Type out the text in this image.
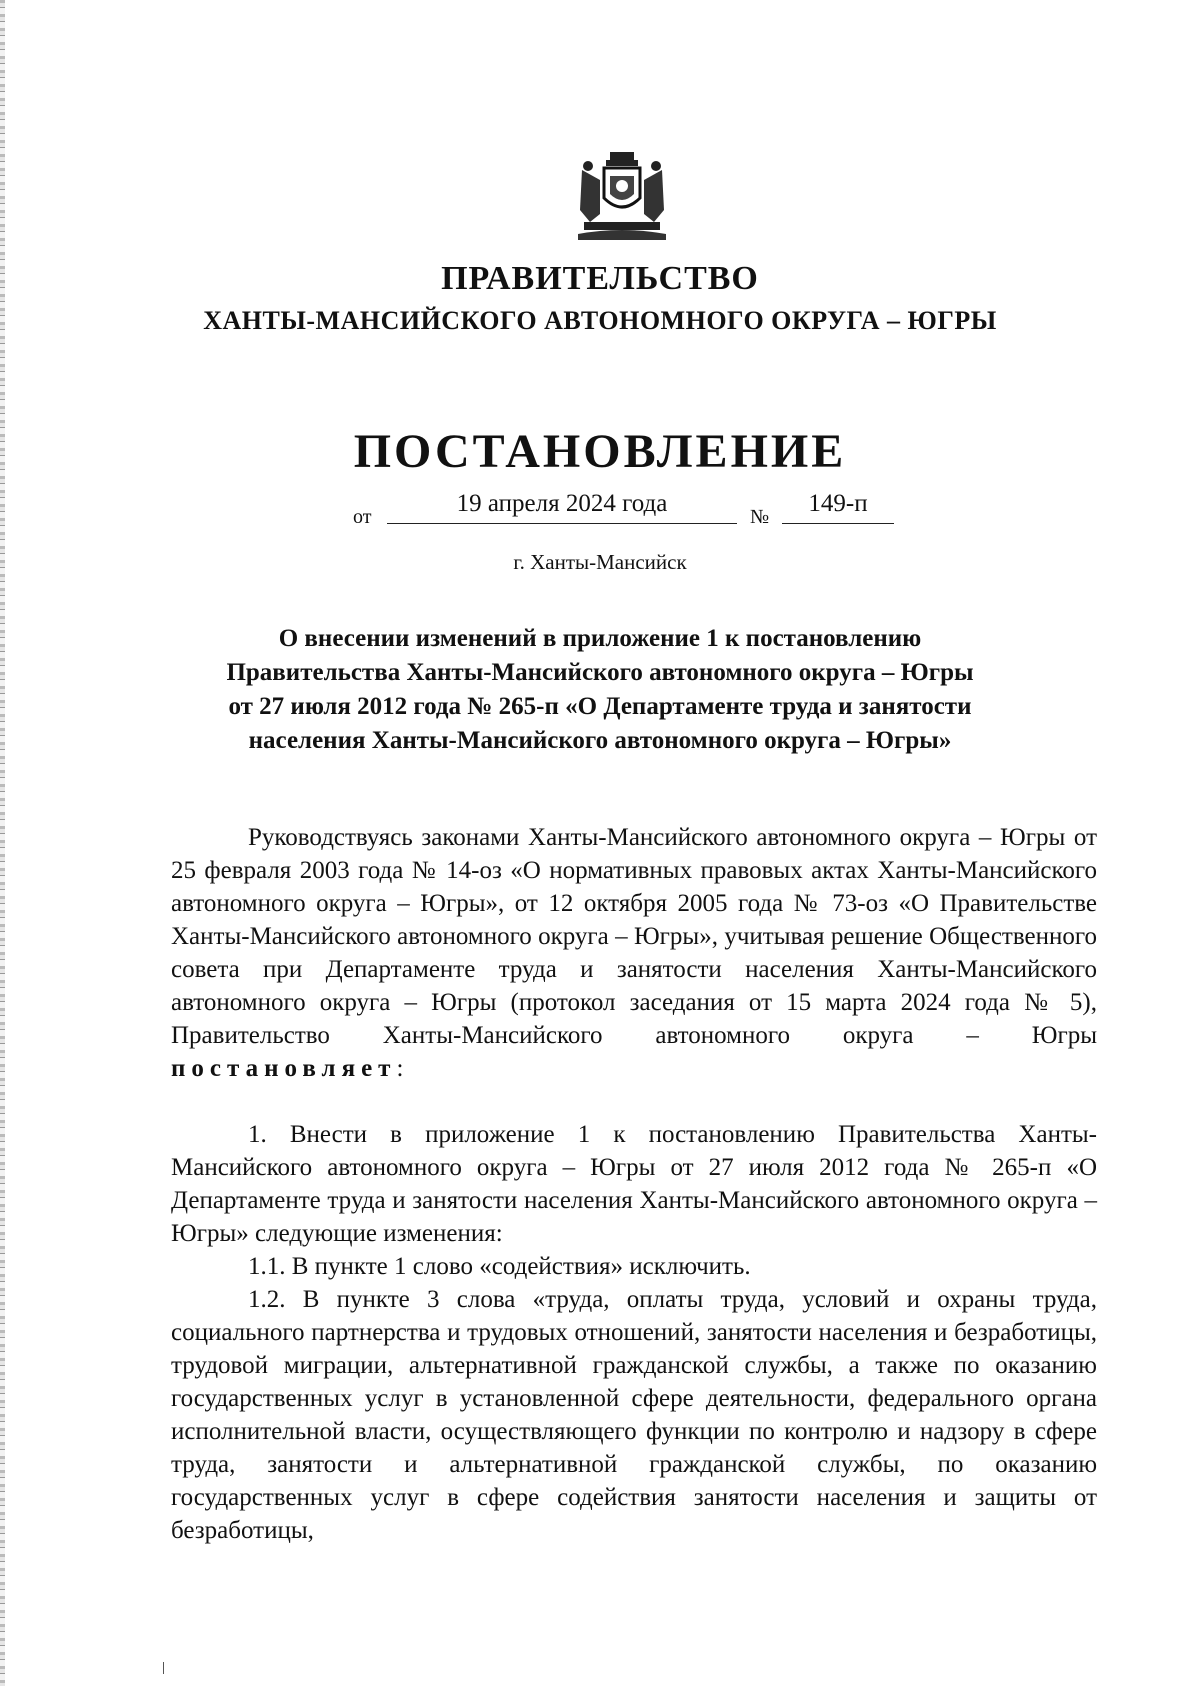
ПРАВИТЕЛЬСТВО

ХАНТЫ-МАНСИЙСКОГО АВТОНОМНОГО ОКРУГА – ЮГРЫ

ПОСТАНОВЛЕНИЕ

от	19 апреля 2024 года	№	149-п

г. Ханты-Мансийск

О внесении изменений в приложение 1 к постановлению
Правительства Ханты-Мансийского автономного округа – Югры
от 27 июля 2012 года № 265-п «О Департаменте труда и занятости
населения Ханты-Мансийского автономного округа – Югры»

Руководствуясь законами Ханты-Мансийского автономного округа – Югры от 25 февраля 2003 года № 14-оз «О нормативных правовых актах Ханты-Мансийского автономного округа – Югры», от 12 октября 2005 года № 73-оз «О Правительстве Ханты-Мансийского автономного округа – Югры», учитывая решение Общественного совета при Департаменте труда и занятости населения Ханты-Мансийского автономного округа – Югры (протокол заседания от 15 марта 2024 года № 5), Правительство Ханты-Мансийского автономного округа – Югры постановляет:

1. Внести в приложение 1 к постановлению Правительства Ханты-Мансийского автономного округа – Югры от 27 июля 2012 года № 265-п «О Департаменте труда и занятости населения Ханты-Мансийского автономного округа – Югры» следующие изменения:

1.1. В пункте 1 слово «содействия» исключить.

1.2. В пункте 3 слова «труда, оплаты труда, условий и охраны труда, социального партнерства и трудовых отношений, занятости населения и безработицы, трудовой миграции, альтернативной гражданской службы, а также по оказанию государственных услуг в установленной сфере деятельности, федерального органа исполнительной власти, осуществляющего функции по контролю и надзору в сфере труда, занятости и альтернативной гражданской службы, по оказанию государственных услуг в сфере содействия занятости населения и защиты от безработицы,
